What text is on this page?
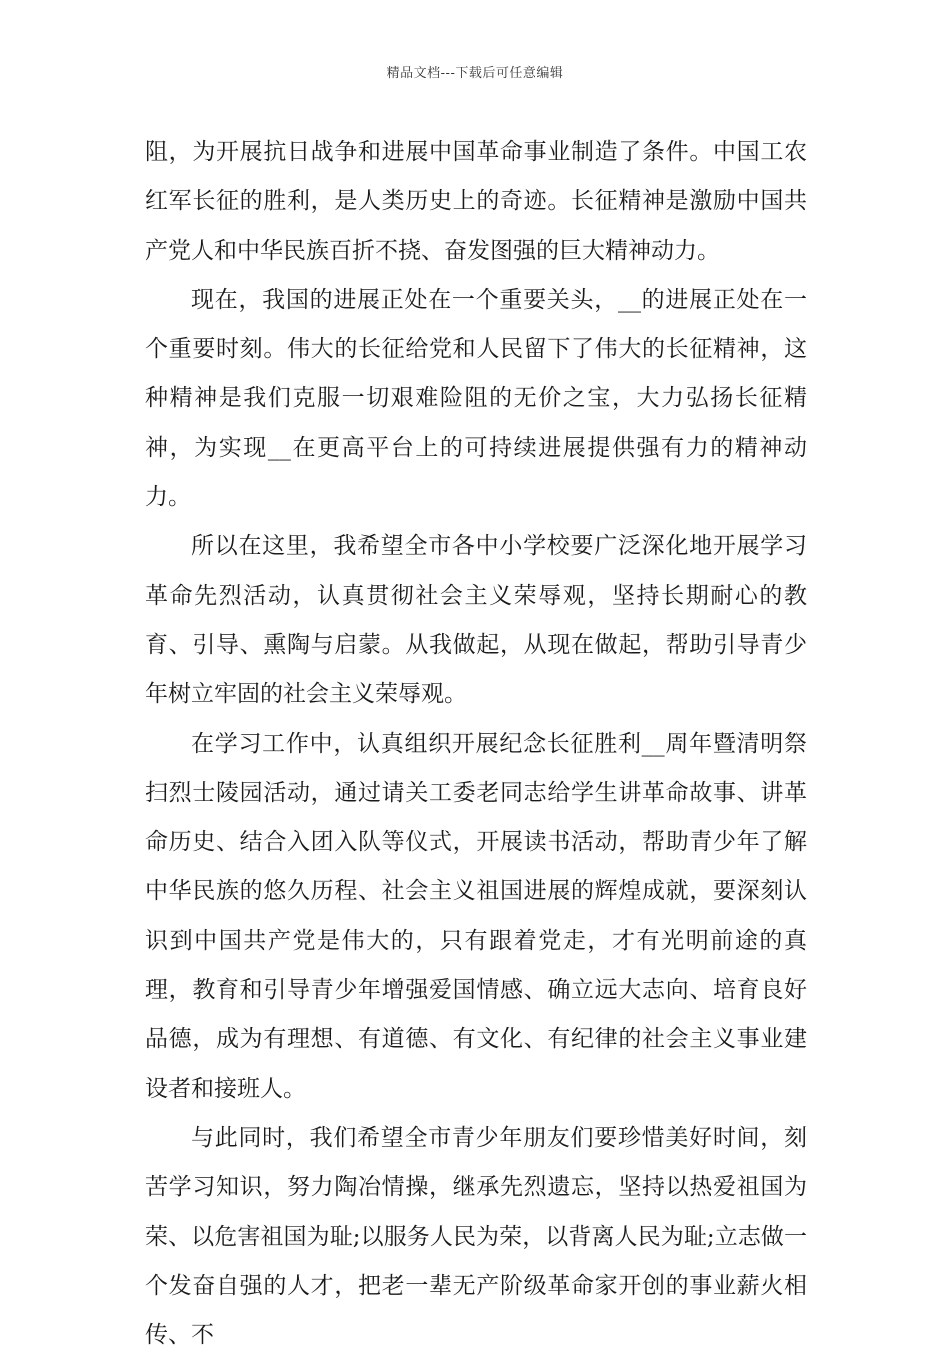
精品文档---下载后可任意编辑

阻，为开展抗日战争和进展中国革命事业制造了条件。中国工农红军长征的胜利，是人类历史上的奇迹。长征精神是激励中国共产党人和中华民族百折不挠、奋发图强的巨大精神动力。

现在，我国的进展正处在一个重要关头，__的进展正处在一个重要时刻。伟大的长征给党和人民留下了伟大的长征精神，这种精神是我们克服一切艰难险阻的无价之宝，大力弘扬长征精神，为实现__在更高平台上的可持续进展提供强有力的精神动力。

所以在这里，我希望全市各中小学校要广泛深化地开展学习革命先烈活动，认真贯彻社会主义荣辱观，坚持长期耐心的教育、引导、熏陶与启蒙。从我做起，从现在做起，帮助引导青少年树立牢固的社会主义荣辱观。

在学习工作中，认真组织开展纪念长征胜利__周年暨清明祭扫烈士陵园活动，通过请关工委老同志给学生讲革命故事、讲革命历史、结合入团入队等仪式，开展读书活动，帮助青少年了解中华民族的悠久历程、社会主义祖国进展的辉煌成就，要深刻认识到中国共产党是伟大的，只有跟着党走，才有光明前途的真理，教育和引导青少年增强爱国情感、确立远大志向、培育良好品德，成为有理想、有道德、有文化、有纪律的社会主义事业建设者和接班人。

与此同时，我们希望全市青少年朋友们要珍惜美好时间，刻苦学习知识，努力陶冶情操，继承先烈遗忘，坚持以热爱祖国为荣、以危害祖国为耻;以服务人民为荣，以背离人民为耻;立志做一个发奋自强的人才，把老一辈无产阶级革命家开创的事业薪火相传、不
